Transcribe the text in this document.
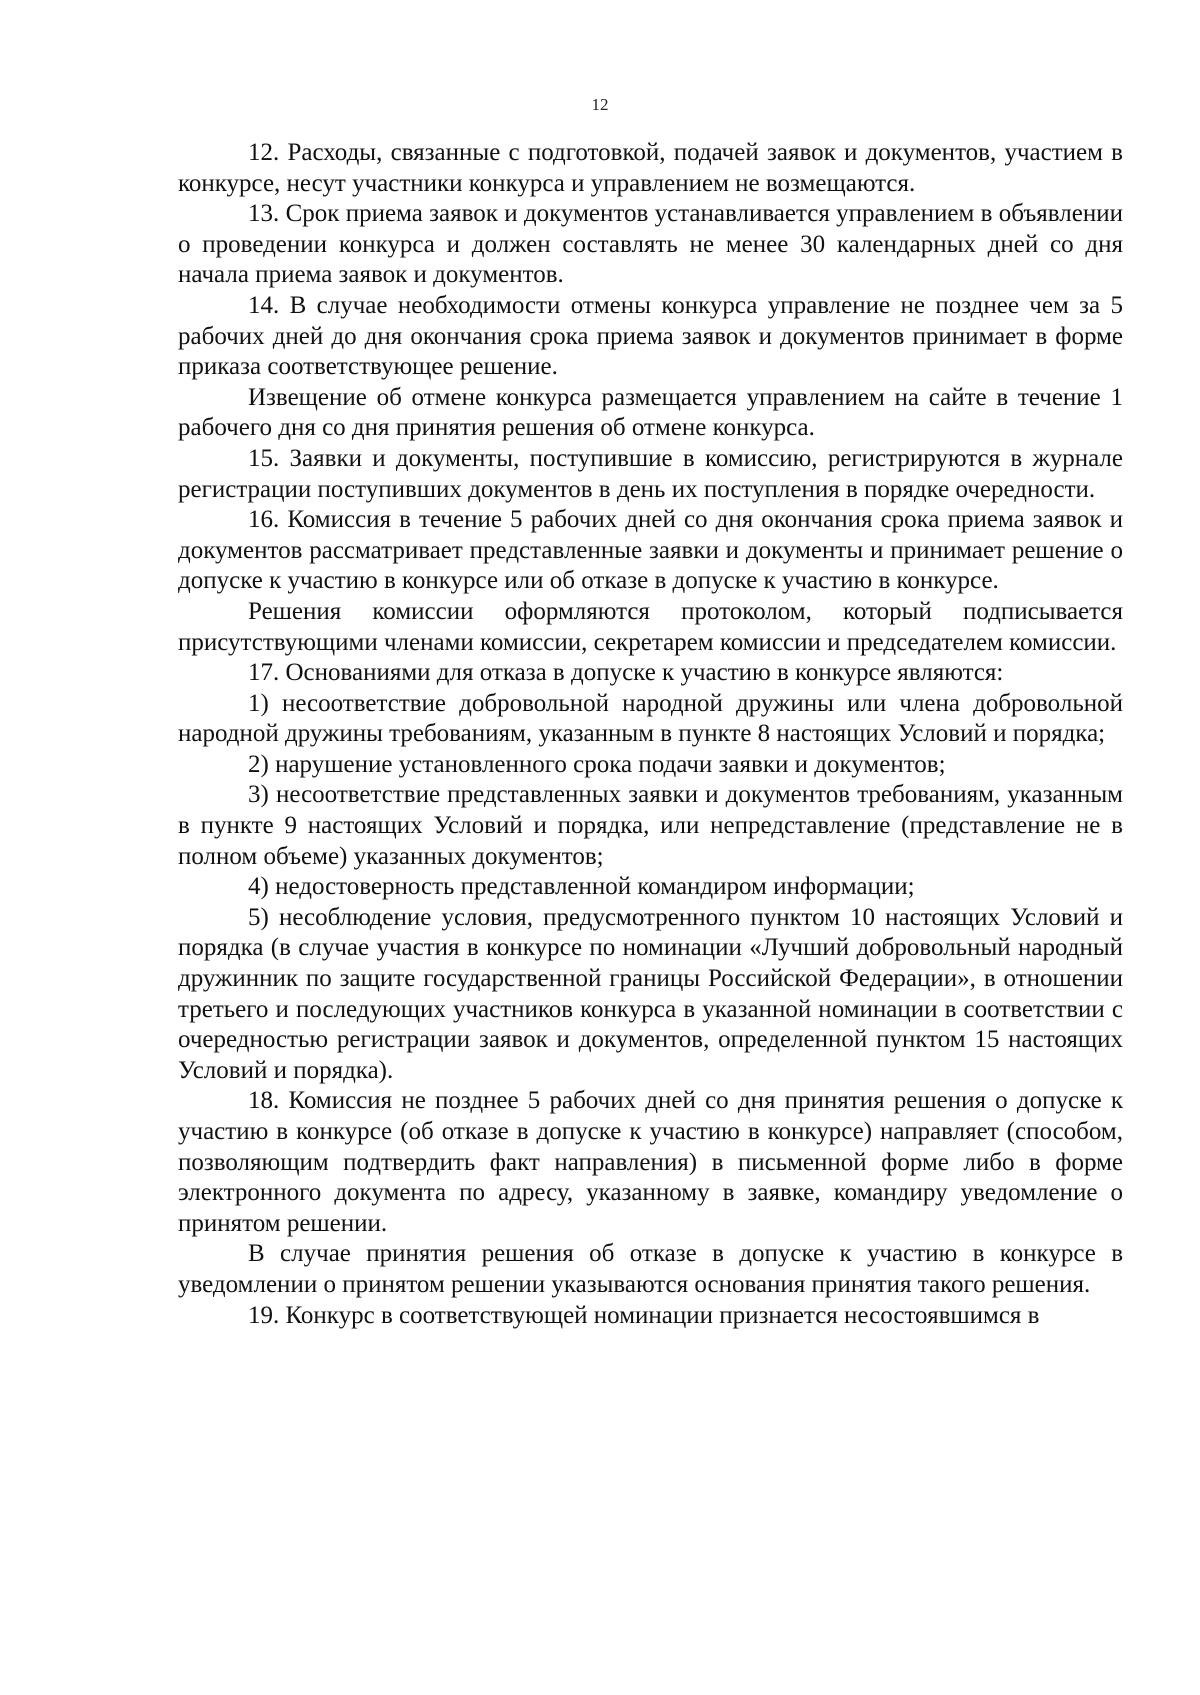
12

12. Расходы, связанные с подготовкой, подачей заявок и документов, участием в конкурсе, несут участники конкурса и управлением не возмещаются.

13. Срок приема заявок и документов устанавливается управлением в объявлении о проведении конкурса и должен составлять не менее 30 календарных дней со дня начала приема заявок и документов.

14. В случае необходимости отмены конкурса управление не позднее чем за 5 рабочих дней до дня окончания срока приема заявок и документов принимает в форме приказа соответствующее решение.

Извещение об отмене конкурса размещается управлением на сайте в течение 1 рабочего дня со дня принятия решения об отмене конкурса.

15. Заявки и документы, поступившие в комиссию, регистрируются в журнале регистрации поступивших документов в день их поступления в порядке очередности.

16. Комиссия в течение 5 рабочих дней со дня окончания срока приема заявок и документов рассматривает представленные заявки и документы и принимает решение о допуске к участию в конкурсе или об отказе в допуске к участию в конкурсе.

Решения комиссии оформляются протоколом, который подписывается присутствующими членами комиссии, секретарем комиссии и председателем комиссии.

17. Основаниями для отказа в допуске к участию в конкурсе являются:

1) несоответствие добровольной народной дружины или члена добровольной народной дружины требованиям, указанным в пункте 8 настоящих Условий и порядка;

2) нарушение установленного срока подачи заявки и документов;

3) несоответствие представленных заявки и документов требованиям, указанным в пункте 9 настоящих Условий и порядка, или непредставление (представление не в полном объеме) указанных документов;

4) недостоверность представленной командиром информации;

5) несоблюдение условия, предусмотренного пунктом 10 настоящих Условий и порядка (в случае участия в конкурсе по номинации «Лучший добровольный народный дружинник по защите государственной границы Российской Федерации», в отношении третьего и последующих участников конкурса в указанной номинации в соответствии с очередностью регистрации заявок и документов, определенной пунктом 15 настоящих Условий и порядка).

18. Комиссия не позднее 5 рабочих дней со дня принятия решения о допуске к участию в конкурсе (об отказе в допуске к участию в конкурсе) направляет (способом, позволяющим подтвердить факт направления) в письменной форме либо в форме электронного документа по адресу, указанному в заявке, командиру уведомление о принятом решении.

В случае принятия решения об отказе в допуске к участию в конкурсе в уведомлении о принятом решении указываются основания принятия такого решения.

19. Конкурс в соответствующей номинации признается несостоявшимся в
